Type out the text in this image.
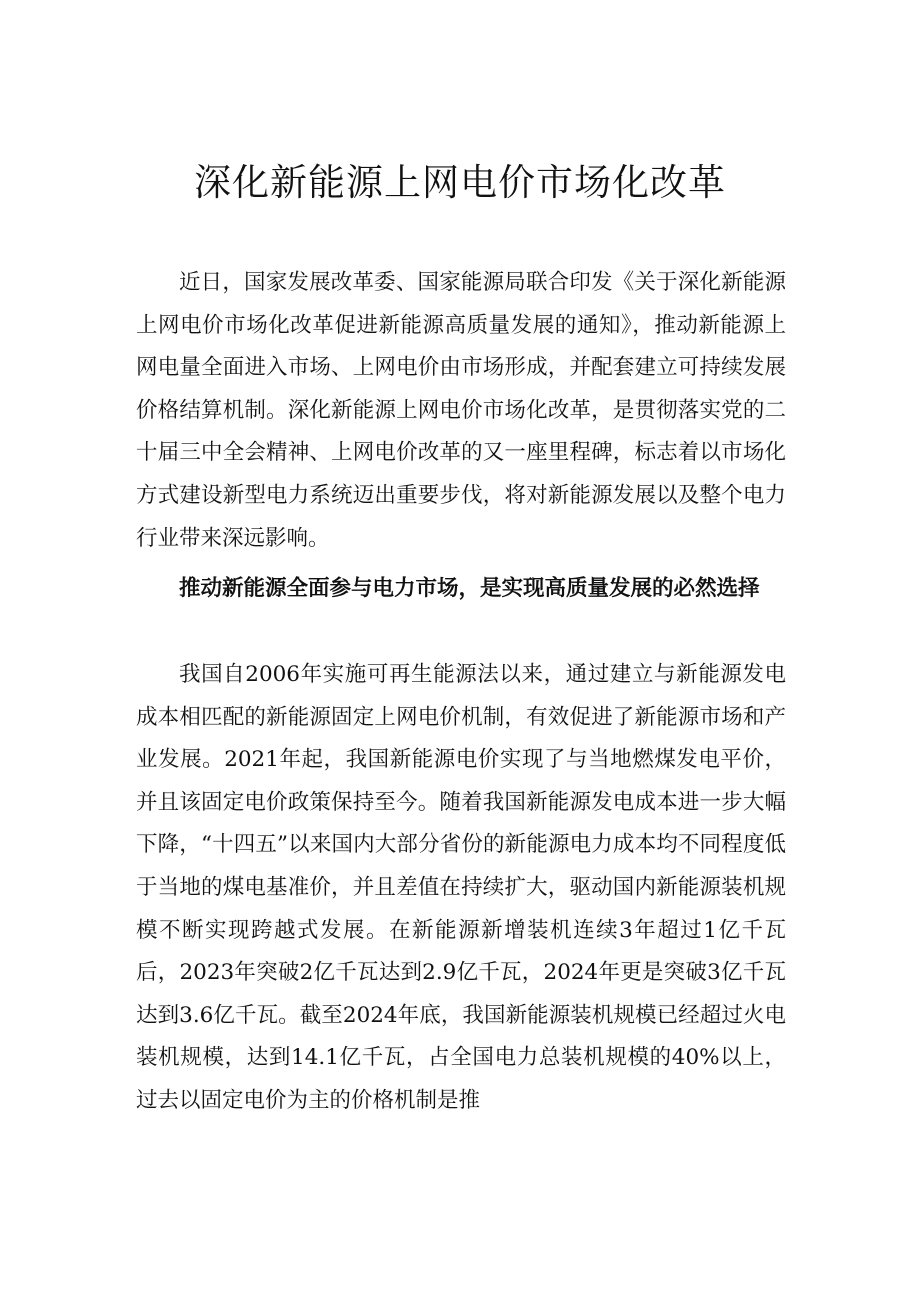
深化新能源上网电价市场化改革

近日，国家发展改革委、国家能源局联合印发《关于深化新能源上网电价市场化改革促进新能源高质量发展的通知》，推动新能源上网电量全面进入市场、上网电价由市场形成，并配套建立可持续发展价格结算机制。深化新能源上网电价市场化改革，是贯彻落实党的二十届三中全会精神、上网电价改革的又一座里程碑，标志着以市场化方式建设新型电力系统迈出重要步伐，将对新能源发展以及整个电力行业带来深远影响。

推动新能源全面参与电力市场，是实现高质量发展的必然选择

我国自2006年实施可再生能源法以来，通过建立与新能源发电成本相匹配的新能源固定上网电价机制，有效促进了新能源市场和产业发展。2021年起，我国新能源电价实现了与当地燃煤发电平价，并且该固定电价政策保持至今。随着我国新能源发电成本进一步大幅下降，“十四五”以来国内大部分省份的新能源电力成本均不同程度低于当地的煤电基准价，并且差值在持续扩大，驱动国内新能源装机规模不断实现跨越式发展。在新能源新增装机连续3年超过1亿千瓦后，2023年突破2亿千瓦达到2.9亿千瓦，2024年更是突破3亿千瓦达到3.6亿千瓦。截至2024年底，我国新能源装机规模已经超过火电装机规模，达到14.1亿千瓦，占全国电力总装机规模的40%以上，过去以固定电价为主的价格机制是推
